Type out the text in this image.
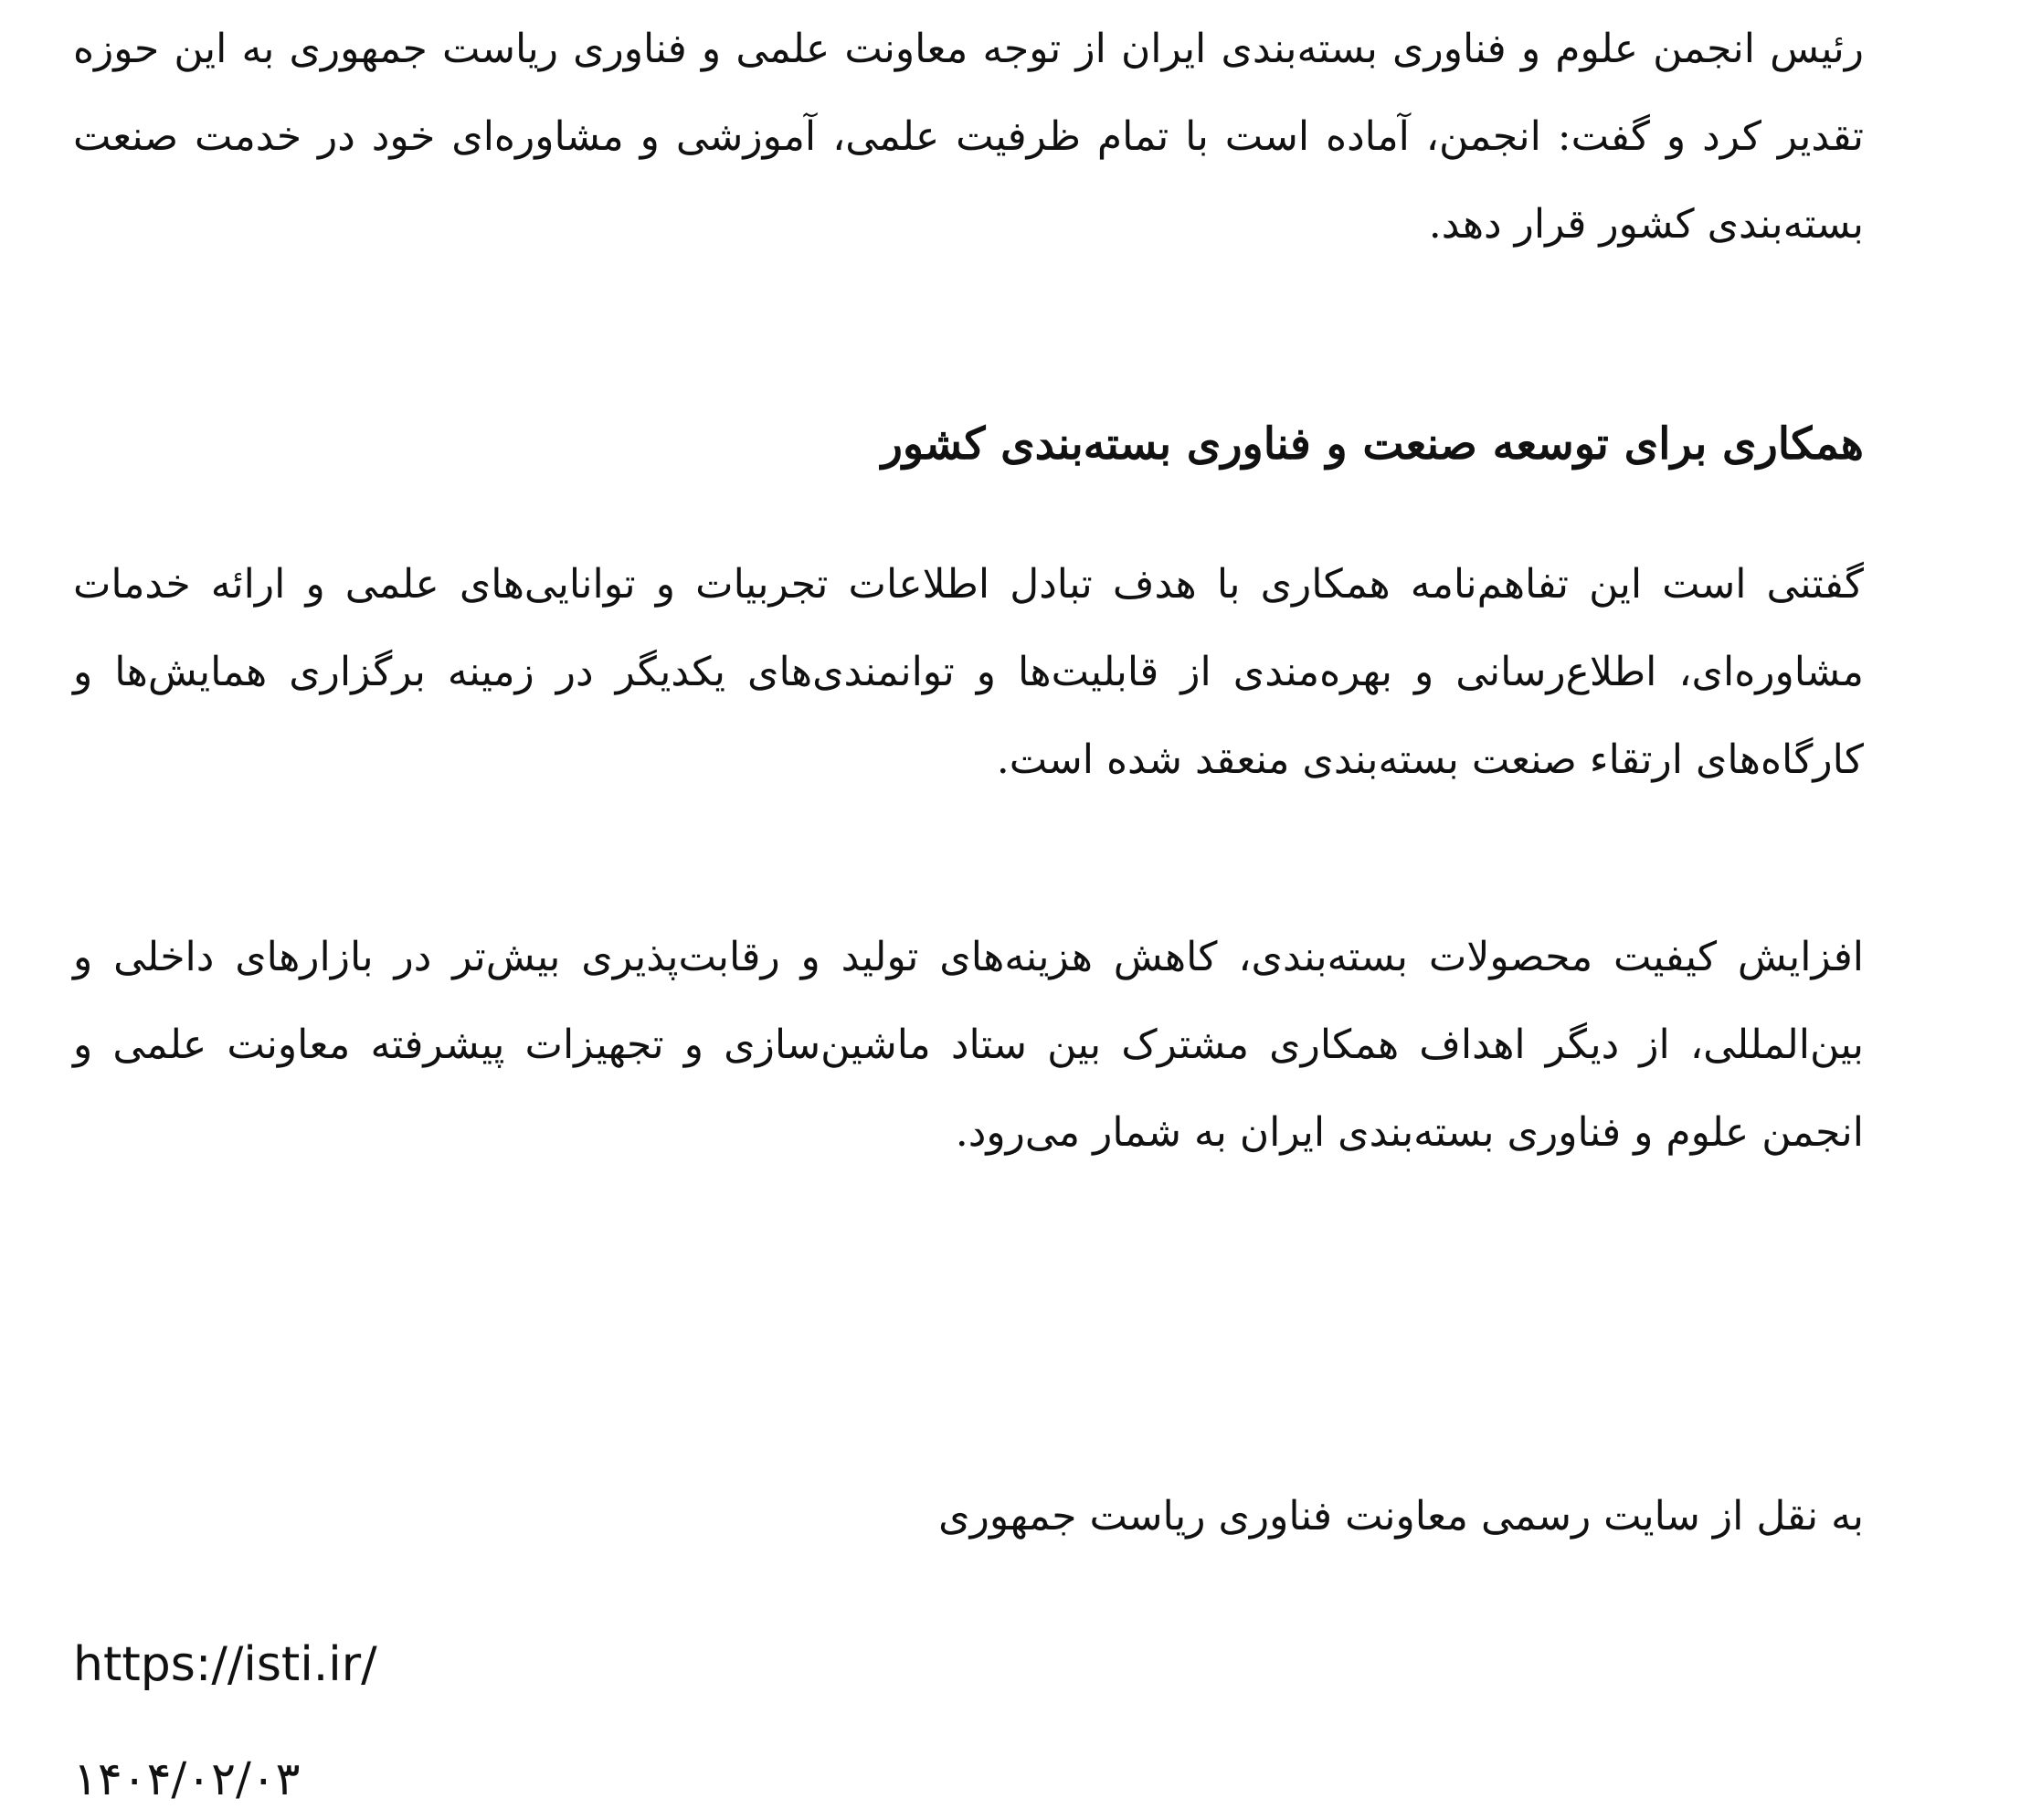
رئیس انجمن علوم و فناوری بسته‌بندی ایران از توجه معاونت علمی و فناوری ریاست جمهوری به این حوزه تقدیر کرد و گفت: انجمن، آماده است با تمام ظرفیت علمی، آموزشی و مشاوره‌ای خود در خدمت صنعت بسته‌بندی کشور قرار دهد.

همکاری برای توسعه صنعت و فناوری بسته‌بندی کشور

گفتنی است این تفاهم‌نامه همکاری با هدف تبادل اطلاعات تجربیات و توانایی‌های علمی و ارائه خدمات مشاوره‌ای، اطلاع‌رسانی و بهره‌مندی از قابلیت‌ها و توانمندی‌های یکدیگر در زمینه برگزاری همایش‌ها و کارگاه‌های ارتقاء صنعت بسته‌بندی منعقد شده است.

افزایش کیفیت محصولات بسته‌بندی، کاهش هزینه‌های تولید و رقابت‌پذیری بیش‌تر در بازارهای داخلی و بین‌المللی، از دیگر اهداف همکاری مشترک بین ستاد ماشین‌سازی و تجهیزات پیشرفته معاونت علمی و انجمن علوم و فناوری بسته‌بندی ایران به شمار می‌رود.

به نقل از سایت رسمی معاونت فناوری ریاست جمهوری

https://isti.ir/

۱۴۰۴/۰۲/۰۳
